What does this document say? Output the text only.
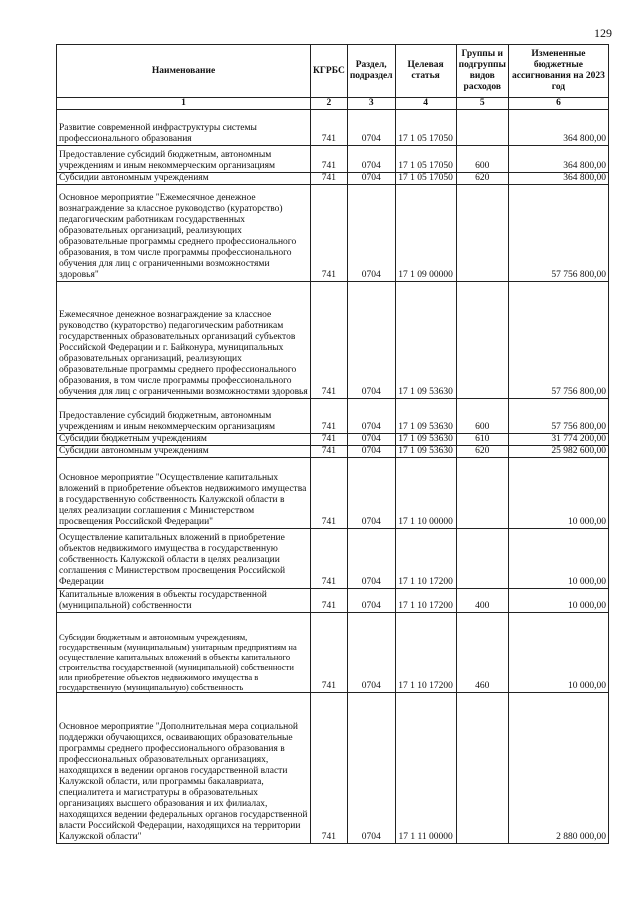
129
Наименование	КГРБС	Раздел, подраздел	Целевая статья	Группы и подгруппы видов расходов	Измененные бюджетные ассигнования на 2023 год
1	2	3	4	5	6
Развитие современной инфраструктуры системы профессионального образования	741	0704	17 1 05 17050		364 800,00
Предоставление субсидий бюджетным, автономным учреждениям и иным некоммерческим организациям	741	0704	17 1 05 17050	600	364 800,00
Субсидии автономным учреждениям	741	0704	17 1 05 17050	620	364 800,00
Основное мероприятие "Ежемесячное денежное вознаграждение за классное руководство (кураторство) педагогическим работникам государственных образовательных организаций, реализующих образовательные программы среднего профессионального образования, в том числе программы профессионального обучения для лиц с ограниченными возможностями здоровья"	741	0704	17 1 09 00000		57 756 800,00
Ежемесячное денежное вознаграждение за классное руководство (кураторство) педагогическим работникам государственных образовательных организаций субъектов Российской Федерации и г. Байконура, муниципальных образовательных организаций, реализующих образовательные программы среднего профессионального образования, в том числе программы профессионального обучения для лиц с ограниченными возможностями здоровья	741	0704	17 1 09 53630		57 756 800,00
Предоставление субсидий бюджетным, автономным учреждениям и иным некоммерческим организациям	741	0704	17 1 09 53630	600	57 756 800,00
Субсидии бюджетным учреждениям	741	0704	17 1 09 53630	610	31 774 200,00
Субсидии автономным учреждениям	741	0704	17 1 09 53630	620	25 982 600,00
Основное мероприятие "Осуществление капитальных вложений в приобретение объектов недвижимого имущества в государственную собственность Калужской области в целях реализации соглашения с Министерством просвещения Российской Федерации"	741	0704	17 1 10 00000		10 000,00
Осуществление капитальных вложений в приобретение объектов недвижимого имущества в государственную собственность Калужской области в целях реализации соглашения с Министерством просвещения Российской Федерации	741	0704	17 1 10 17200		10 000,00
Капитальные вложения в объекты государственной (муниципальной) собственности	741	0704	17 1 10 17200	400	10 000,00
Субсидии бюджетным и автономным учреждениям, государственным (муниципальным) унитарным предприятиям на осуществление капитальных вложений в объекты капитального строительства государственной (муниципальной) собственности или приобретение объектов недвижимого имущества в государственную (муниципальную) собственность	741	0704	17 1 10 17200	460	10 000,00
Основное мероприятие "Дополнительная мера социальной поддержки обучающихся, осваивающих образовательные программы среднего профессионального образования в профессиональных образовательных организациях, находящихся в ведении органов государственной власти Калужской области, или программы бакалавриата, специалитета и магистратуры в образовательных организациях высшего образования и их филиалах, находящихся ведении федеральных органов государственной власти Российской Федерации, находящихся на территории Калужской области"	741	0704	17 1 11 00000		2 880 000,00
